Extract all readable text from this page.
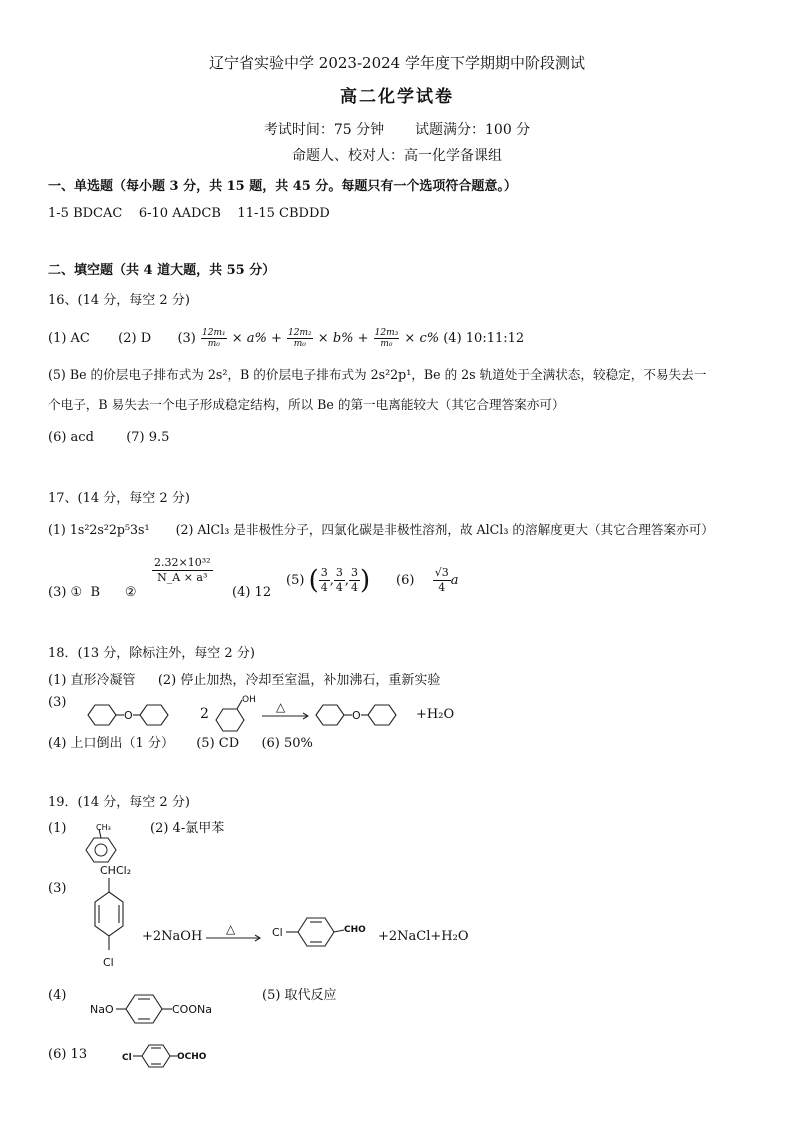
辽宁省实验中学 2023-2024 学年度下学期期中阶段测试
高二化学试卷
考试时间：75 分钟 试题满分：100 分
命题人、校对人：高一化学备课组
一、单选题（每小题 3 分，共 15 题，共 45 分。每题只有一个选项符合题意。）
1-5 BDCAC    6-10 AADCB    11-15 CBDDD
二、填空题（共 4 道大题，共 55 分）
16、(14 分，每空 2 分)
(1) AC (2) D $(3) \frac{\text{12m₁}}{\text{m₀}} \times a\% + \frac{\text{12m₂}}{\text{m₀}} \times b\% + \frac{\text{12m₃}}{\text{m₀}} \times c\%$ (4) 10:11:12
(5) Be 的价层电子排布式为 2s²，B 的价层电子排布式为 2s²2p¹，Be 的 2s 轨道处于全满状态，较稳定，不易失去一
个电子，B 易失去一个电子形成稳定结构，所以 Be 的第一电离能较大（其它合理答案亦可）
(6) acd (7) 9.5
17、(14 分，每空 2 分)
(1) 1s²2s²2p⁵3s¹ (2) AlCl₃ 是非极性分子，四氯化碳是非极性溶剂，故 AlCl₃ 的溶解度更大（其它合理答案亦可）
(3) ①  B      ②
$\frac{\text{2.32×10³²}}{\text{N\_A × a³}}$
(4) 12
(5) ( $\frac{3}{4}$, $\frac{3}{4}$, $\frac{3}{4}$) $(6) \frac{√3}{4}a$
18．(13 分，除标注外，每空 2 分)
(1) 直形冷凝管 (2) 停止加热，冷却至室温，补加沸石，重新实验
(3)
O	2
OH △
O	+H₂O
(4) 上口倒出（1 分） (5) CD (6) 50%
19．(14 分，每空 2 分)
(1)	CH₃	(2) 4-氯甲苯
(3)
CHCl₂
Cl
+2NaOH △ → Cl	CHO +2NaCl+H₂O
(4)
NaO	COONa
(5) 取代反应
(6) 13	Cl	OCHO
